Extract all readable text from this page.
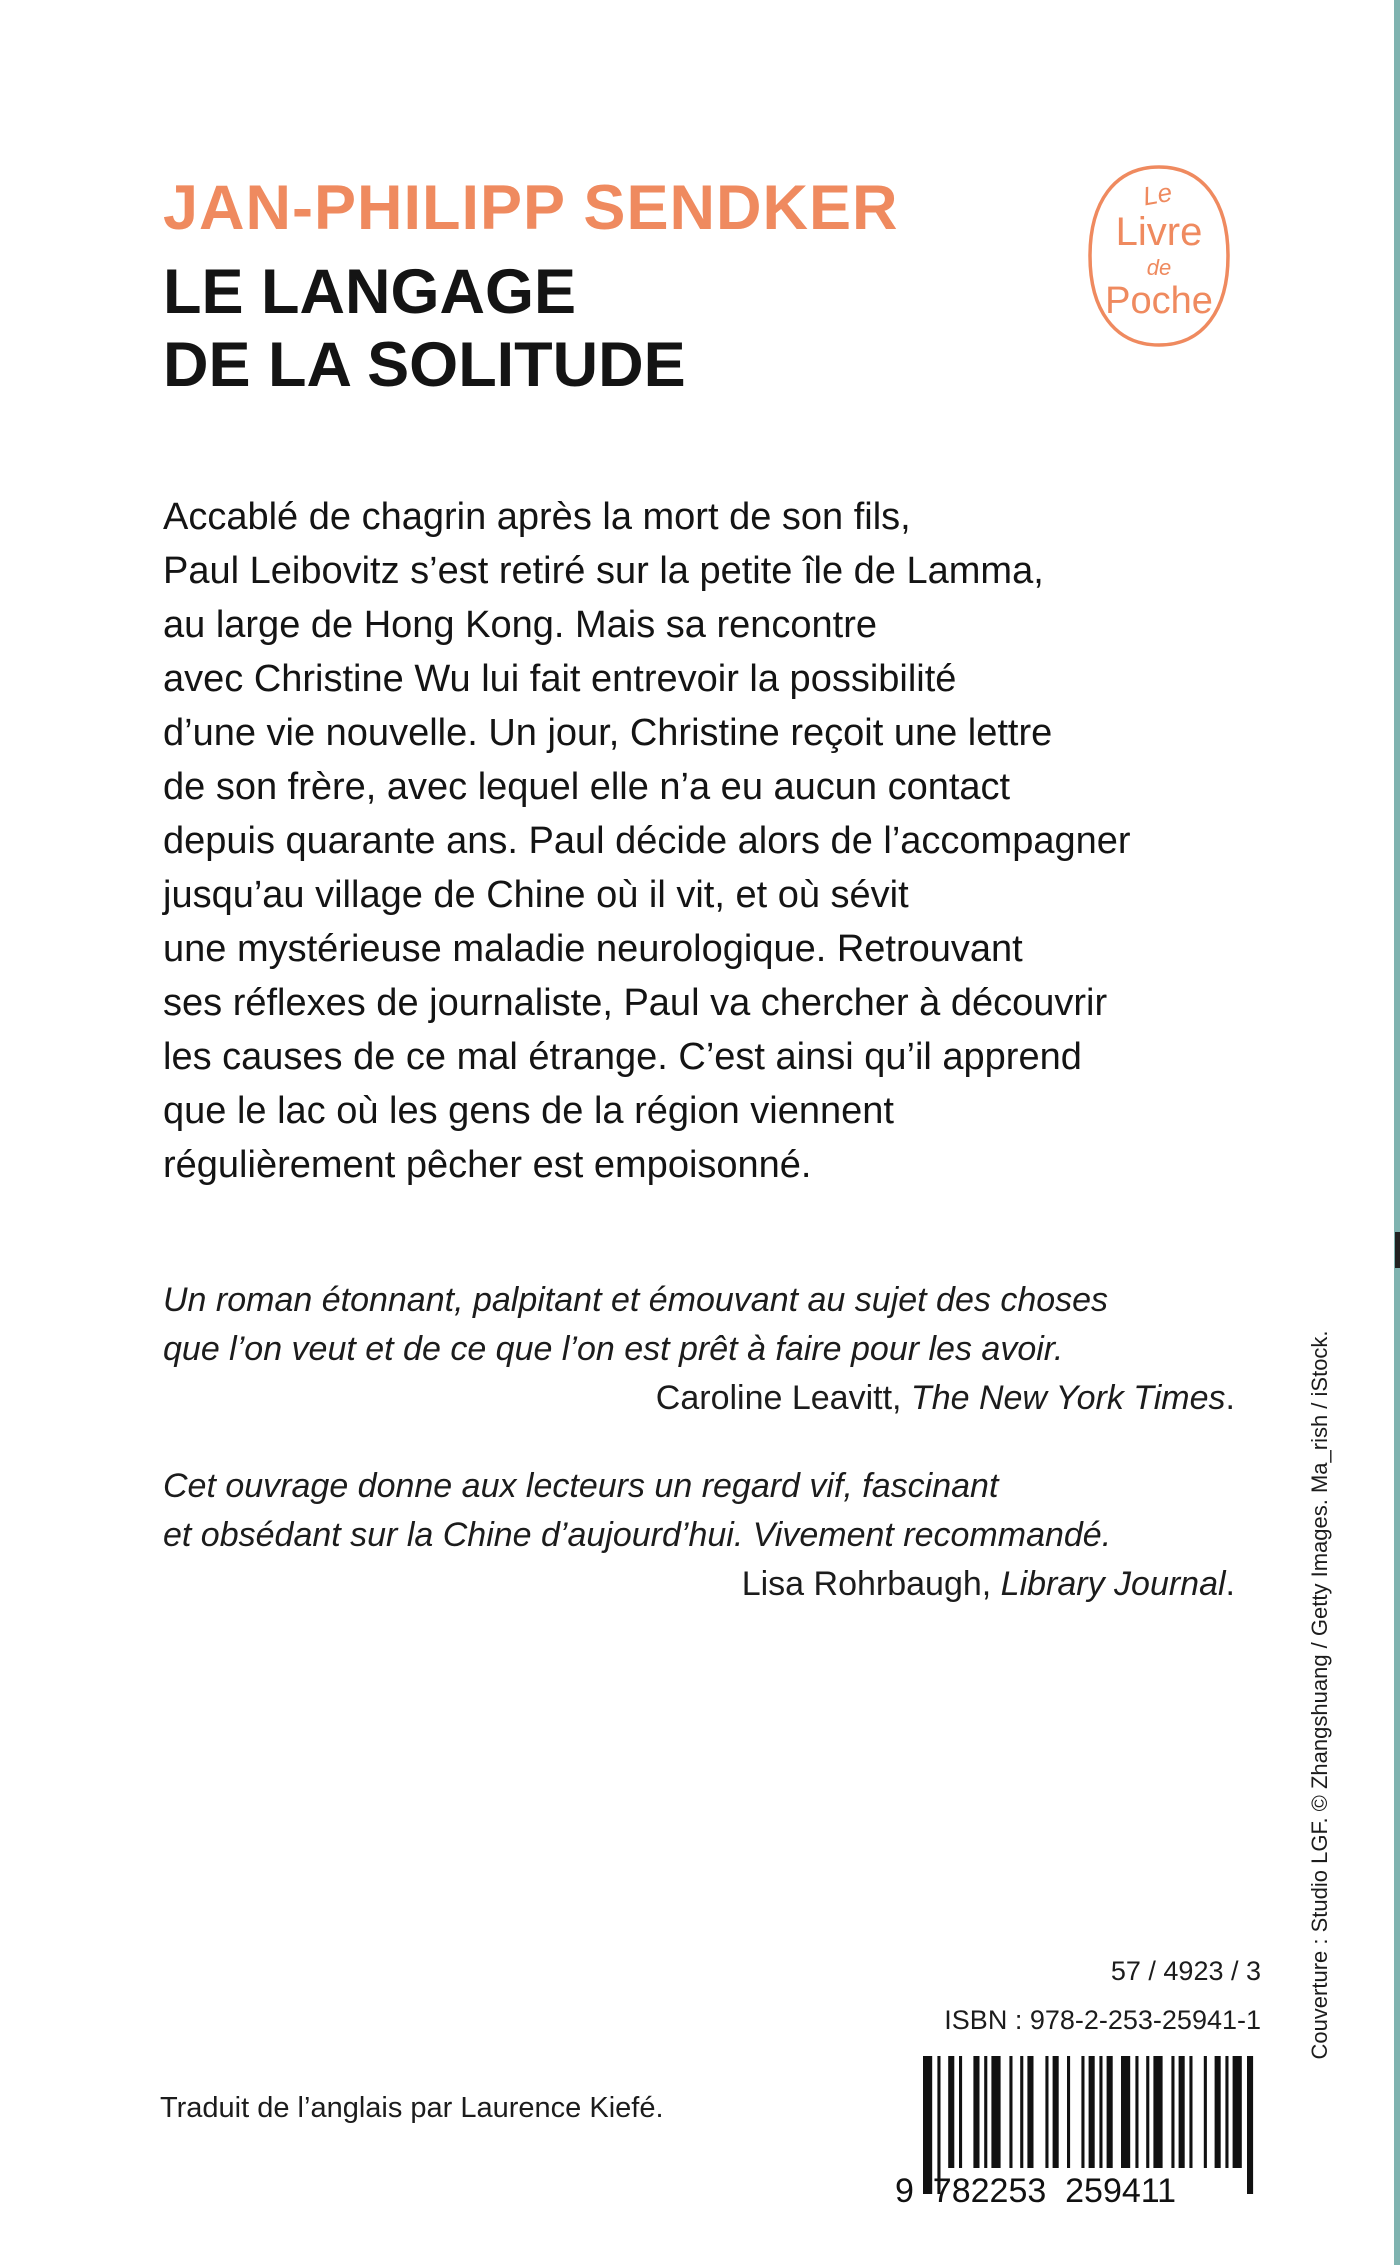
JAN-PHILIPP SENDKER
LE LANGAGE
DE LA SOLITUDE
Le
Livre
de
Poche
Accablé de chagrin après la mort de son fils,
Paul Leibovitz s’est retiré sur la petite île de Lamma,
au large de Hong Kong. Mais sa rencontre
avec Christine Wu lui fait entrevoir la possibilité
d’une vie nouvelle. Un jour, Christine reçoit une lettre
de son frère, avec lequel elle n’a eu aucun contact
depuis quarante ans. Paul décide alors de l’accompagner
jusqu’au village de Chine où il vit, et où sévit
une mystérieuse maladie neurologique. Retrouvant
ses réflexes de journaliste, Paul va chercher à découvrir
les causes de ce mal étrange. C’est ainsi qu’il apprend
que le lac où les gens de la région viennent
régulièrement pêcher est empoisonné.
Un roman étonnant, palpitant et émouvant au sujet des choses
que l’on veut et de ce que l’on est prêt à faire pour les avoir.
Caroline Leavitt, The New York Times.
Cet ouvrage donne aux lecteurs un regard vif, fascinant
et obsédant sur la Chine d’aujourd’hui. Vivement recommandé.
Lisa Rohrbaugh, Library Journal.	Couverture : Studio LGF. © Zhangshuang / Getty Images. Ma_rish / iStock.
57 / 4923 / 3
ISBN : 978-2-253-25941-1
9  782253  259411
Traduit de l’anglais par Laurence Kiefé.
